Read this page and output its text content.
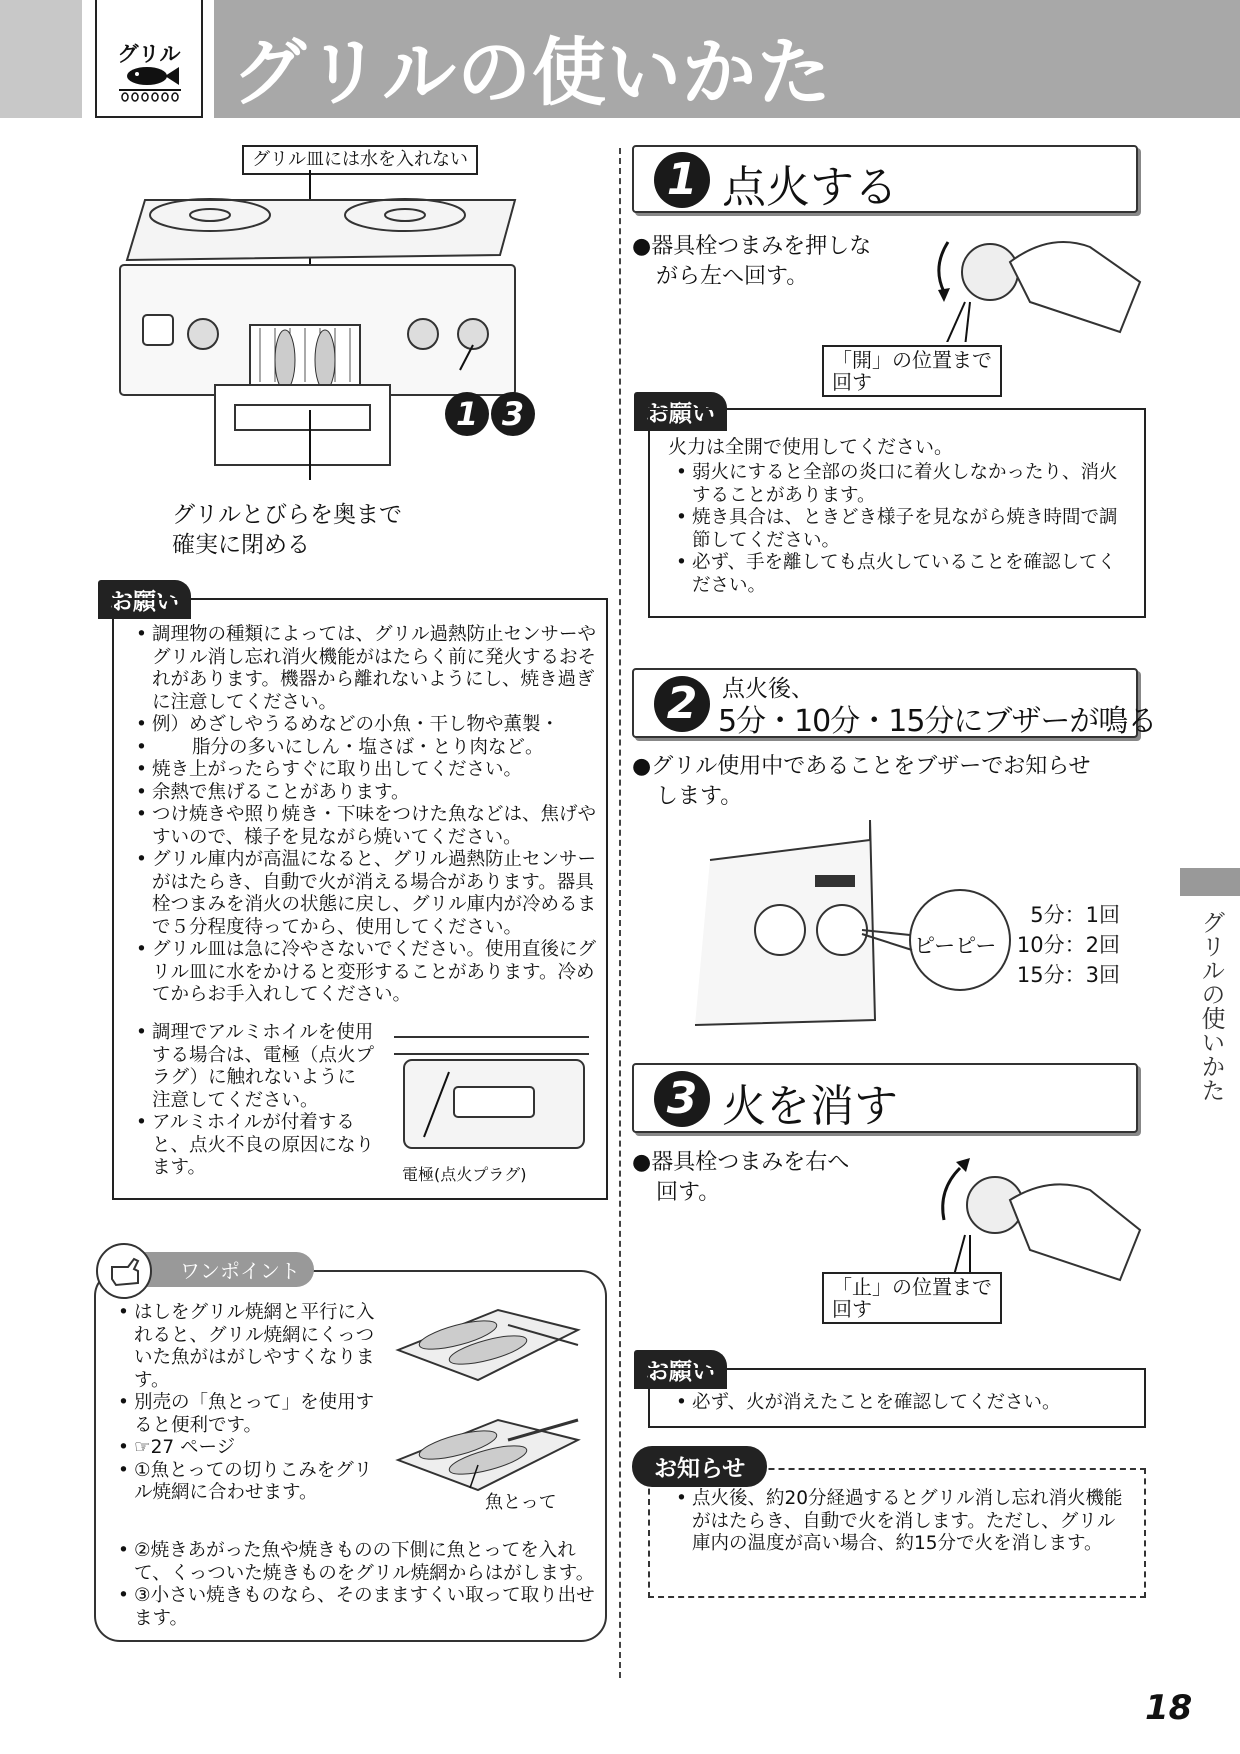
グリル グリルの使いかた
グリル皿には水を入れない
1 3
グリルとびらを奥まで
確実に閉める
お願い
• 調理物の種類によっては、グリル過熱防止センサーやグリル消し忘れ消火機能がはたらく前に発火するおそれがあります。機器から離れないようにし、焼き過ぎに注意してください。
• 例）めざしやうるめなどの小魚・干し物や薫製・
• 脂分の多いにしん・塩さば・とり肉など。
• 焼き上がったらすぐに取り出してください。
• 余熱で焦げることがあります。
• つけ焼きや照り焼き・下味をつけた魚などは、焦げやすいので、様子を見ながら焼いてください。
• グリル庫内が高温になると、グリル過熱防止センサーがはたらき、自動で火が消える場合があります。器具栓つまみを消火の状態に戻し、グリル庫内が冷めるまで５分程度待ってから、使用してください。
• グリル皿は急に冷やさないでください。使用直後にグリル皿に水をかけると変形することがあります。冷めてからお手入れしてください。
• 調理でアルミホイルを使用する場合は、電極（点火プラグ）に触れないように注意してください。
• アルミホイルが付着すると、点火不良の原因になります。	電極(点火プラグ)
ワンポイント
• はしをグリル焼網と平行に入れると、グリル焼網にくっついた魚がはがしやすくなります。
• 別売の「魚とって」を使用すると便利です。
• ☞27 ページ
• ①魚とっての切りこみをグリル焼網に合わせます。
• ②焼きあがった魚や焼きものの下側に魚とってを入れて、くっついた焼きものをグリル焼網からはがします。
• ③小さい焼きものなら、そのまますくい取って取り出せます。
魚とって
1 点火する
●器具栓つまみを押しな
がら左へ回す。
「開」の位置まで
回す
お願い
火力は全開で使用してください。
• 弱火にすると全部の炎口に着火しなかったり、消火することがあります。
• 焼き具合は、ときどき様子を見ながら焼き時間で調節してください。
• 必ず、手を離しても点火していることを確認してください。
2	点火後、
5分・10分・15分にブザーが鳴る
●グリル使用中であることをブザーでお知らせ
します。
ピーピー
5分：1回
10分：2回
15分：3回
3 火を消す
●器具栓つまみを右へ
回す。
「止」の位置まで
回す
お願い
• 必ず、火が消えたことを確認してください。
お知らせ
• 点火後、約20分経過するとグリル消し忘れ消火機能がはたらき、自動で火を消します。ただし、グリル庫内の温度が高い場合、約15分で火を消します。
グリルの使いかた
18
